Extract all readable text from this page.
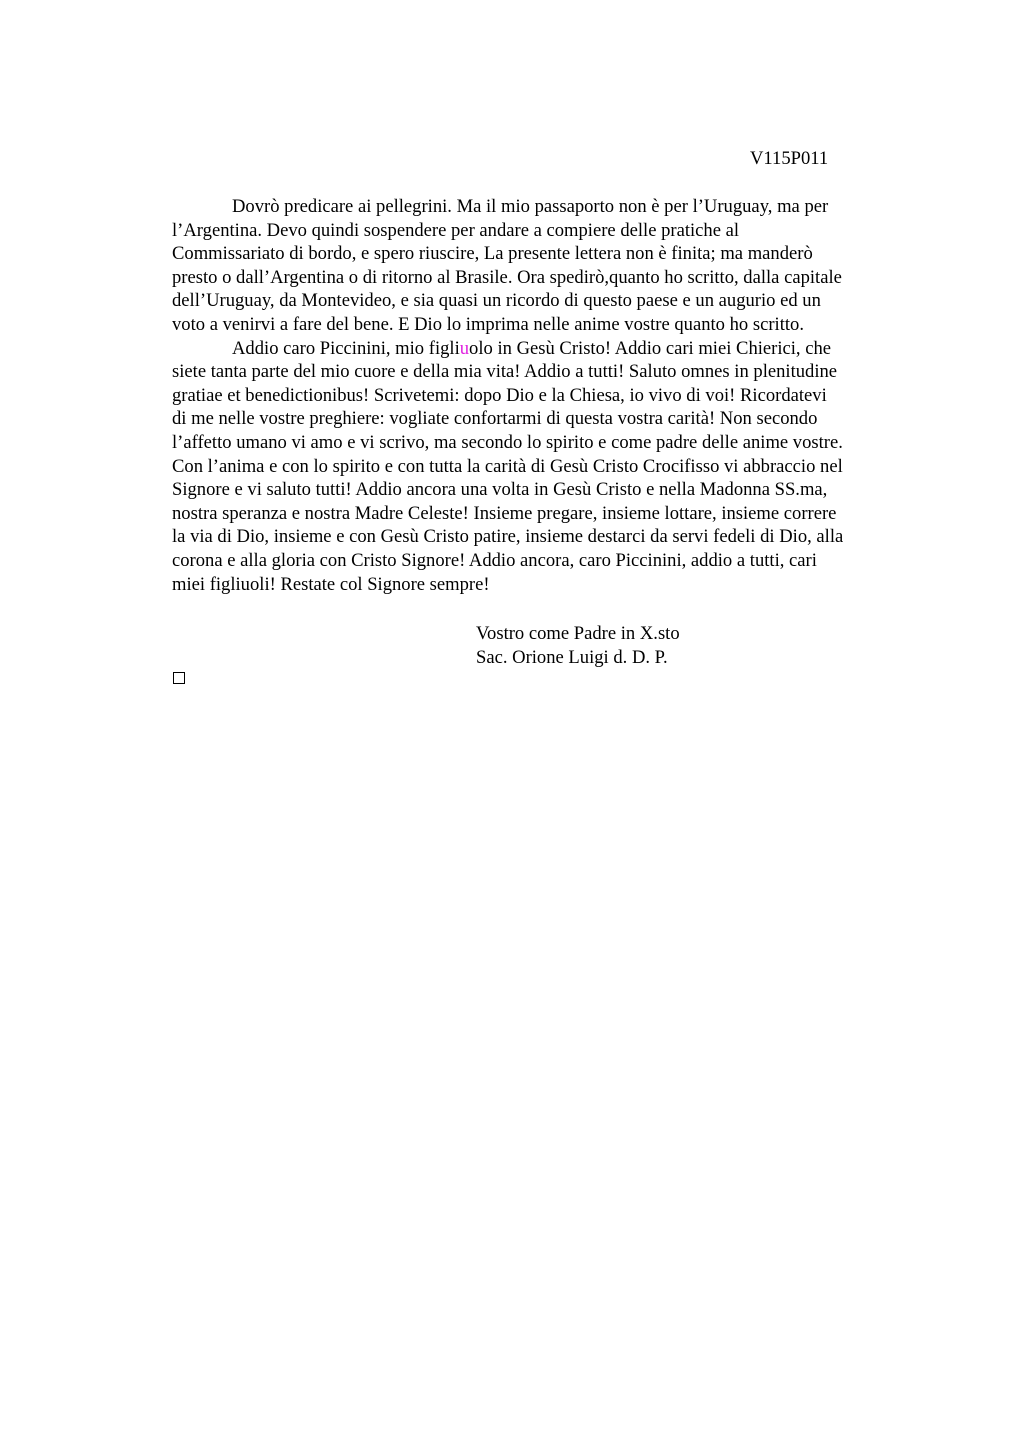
V115P011

Dovrò predicare ai pellegrini. Ma il mio passaporto non è per l’Uruguay, ma per
l’Argentina. Devo quindi sospendere per andare a compiere delle pratiche al
Commissariato di bordo, e spero riuscire, La presente lettera non è finita; ma manderò
presto o dall’Argentina o di ritorno al Brasile. Ora spedirò,quanto ho scritto, dalla capitale
dell’Uruguay, da Montevideo, e sia quasi un ricordo di questo paese e un augurio ed un
voto a venirvi a fare del bene. E Dio lo imprima nelle anime vostre quanto ho scritto.

Addio caro Piccinini, mio figliuolo in Gesù Cristo! Addio cari miei Chierici, che
siete tanta parte del mio cuore e della mia vita! Addio a tutti! Saluto omnes in plenitudine
gratiae et benedictionibus! Scrivetemi: dopo Dio e la Chiesa, io vivo di voi! Ricordatevi
di me nelle vostre preghiere: vogliate confortarmi di questa vostra carità! Non secondo
l’affetto umano vi amo e vi scrivo, ma secondo lo spirito e come padre delle anime vostre.
Con l’anima e con lo spirito e con tutta la carità di Gesù Cristo Crocifisso vi abbraccio nel
Signore e vi saluto tutti! Addio ancora una volta in Gesù Cristo e nella Madonna SS.ma,
nostra speranza e nostra Madre Celeste! Insieme pregare, insieme lottare, insieme correre
la via di Dio, insieme e con Gesù Cristo patire, insieme destarci da servi fedeli di Dio, alla
corona e alla gloria con Cristo Signore! Addio ancora, caro Piccinini, addio a tutti, cari
miei figliuoli! Restate col Signore sempre!

Vostro come Padre in X.sto
Sac. Orione Luigi d. D. P.
